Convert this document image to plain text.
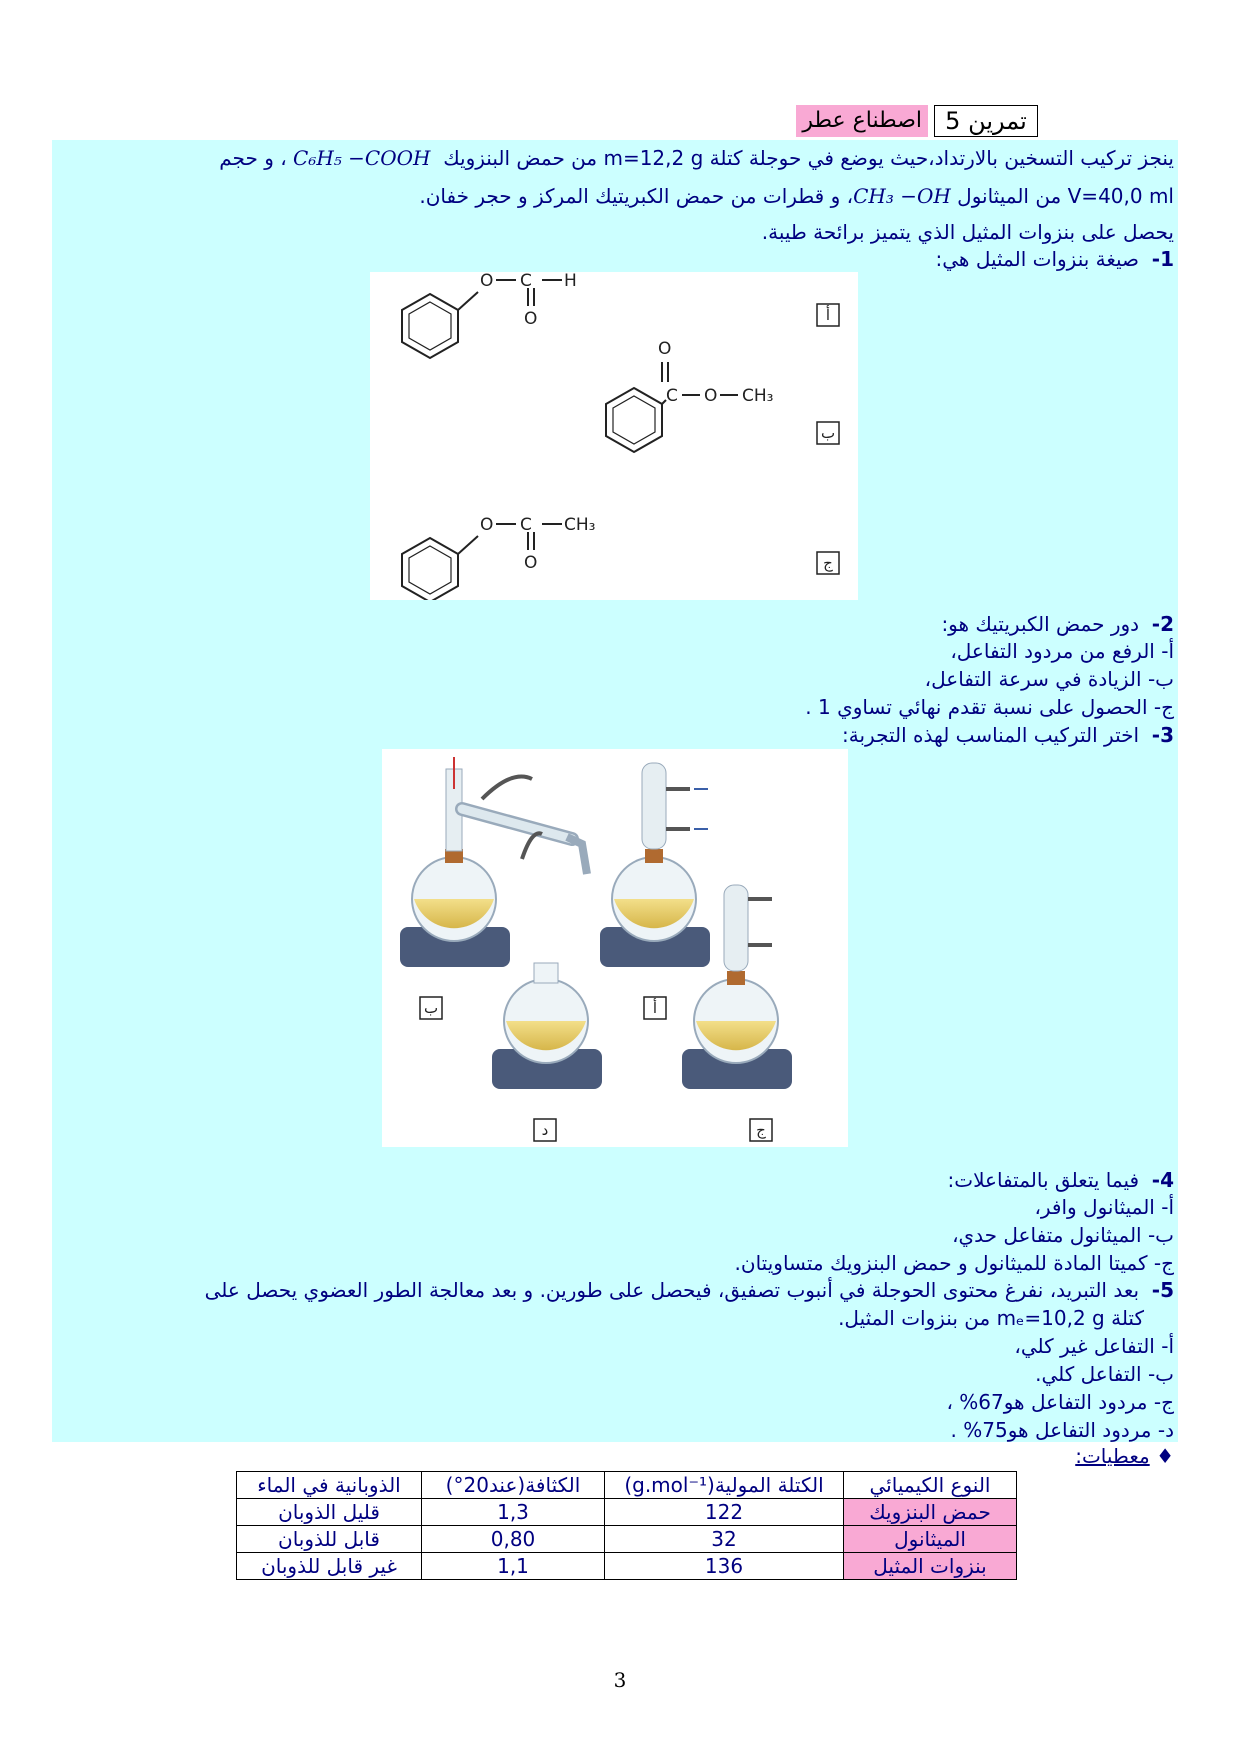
تمرين 5
اصطناع عطر
ينجز تركيب التسخين بالارتداد،حيث يوضع في حوجلة كتلة m=12,2 g من حمض البنزويك  C₆H₅ −COOH ، و حجم
V=40,0 ml من الميثانول CH₃ −OH، و قطرات من حمض الكبريتيك المركز و حجر خفان.
يحصل على بنزوات المثيل الذي يتميز برائحة طيبة.
1-  صيغة بنزوات المثيل هي:
O C H
O
O
C O CH₃
O C CH₃
O
أ
ب
ج
2-  دور حمض الكبريتيك هو:
أ- الرفع من مردود التفاعل،
ب- الزيادة في سرعة التفاعل،
ج- الحصول على نسبة تقدم نهائي تساوي 1 .
3-  اختر التركيب المناسب لهذه التجربة:
ب	أ
د	ج
4-  فيما يتعلق بالمتفاعلات:
أ- الميثانول وافر،
ب- الميثانول متفاعل حدي،
ج- كميتا المادة للميثانول و حمض البنزويك متساويتان.
5-  بعد التبريد، نفرغ محتوى الحوجلة في أنبوب تصفيق، فيحصل على طورين. و بعد معالجة الطور العضوي يحصل على
كتلة mₑ=10,2 g من بنزوات المثيل.
أ- التفاعل غير كلي،
ب- التفاعل كلي.
ج- مردود التفاعل هو67% ،
د- مردود التفاعل هو75% .
♦ معطيات:
النوع الكيميائي	الكتلة المولية(g.mol⁻¹)	الكثافة(عند20°)	الذوبانية في الماء
حمض البنزويك	122	1,3	قليل الذوبان
الميثانول	32	0,80	قابل للذوبان
بنزوات المثيل	136	1,1	غير قابل للذوبان
3
